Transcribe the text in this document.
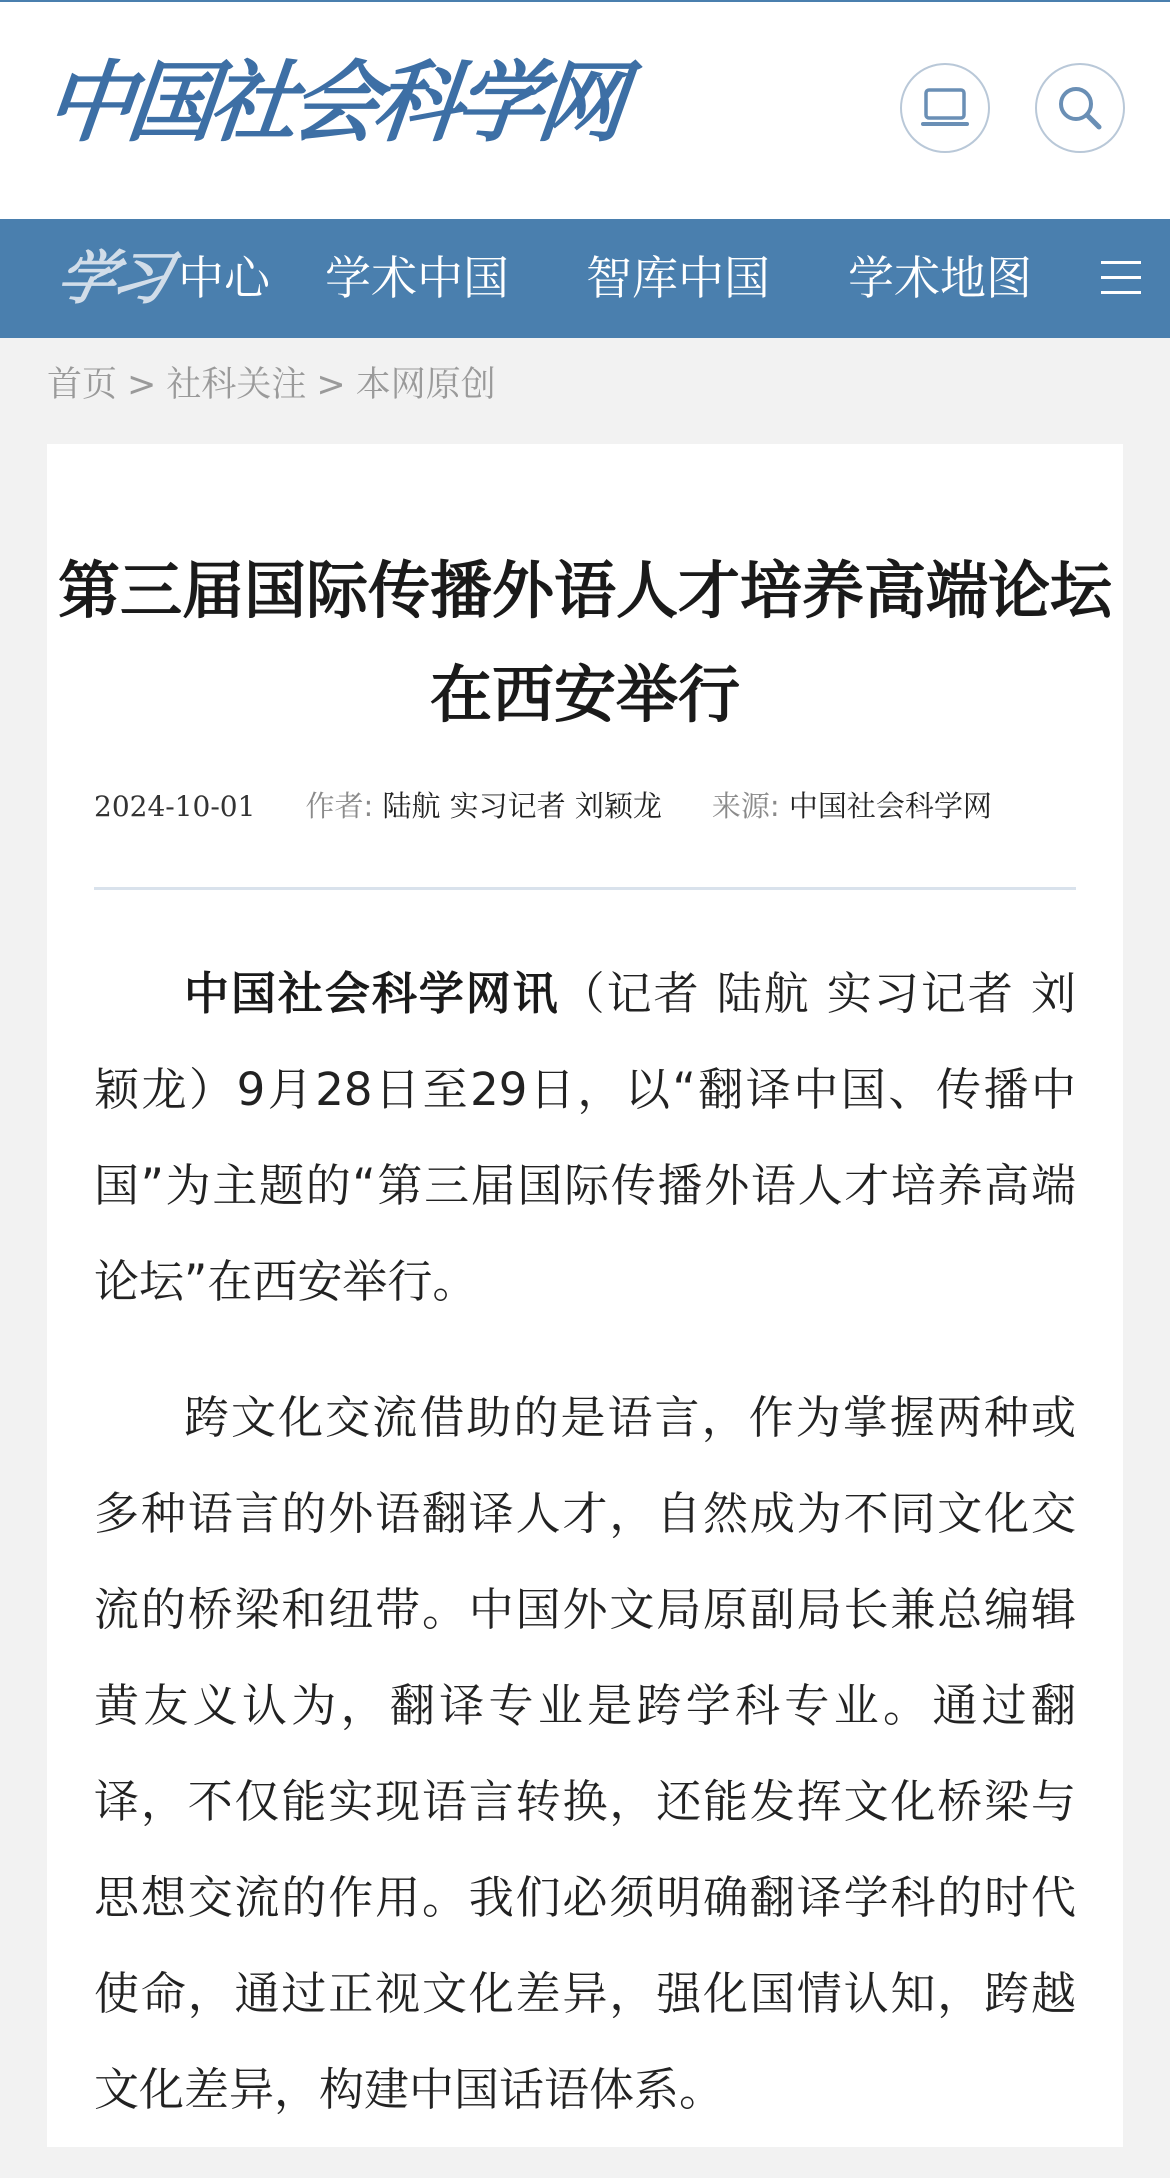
中国社会科学网
学习 中心 学术中国 智库中国 学术地图
首页 > 社科关注 > 本网原创
第三届国际传播外语人才培养高端论坛在西安举行
2024-10-01 作者: 陆航 实习记者 刘颖龙 来源: 中国社会科学网

中国社会科学网讯（记者 陆航 实习记者 刘颖龙）9月28日至29日，以“翻译中国、传播中国”为主题的“第三届国际传播外语人才培养高端论坛”在西安举行。

跨文化交流借助的是语言，作为掌握两种或多种语言的外语翻译人才，自然成为不同文化交流的桥梁和纽带。中国外文局原副局长兼总编辑黄友义认为，翻译专业是跨学科专业。通过翻译，不仅能实现语言转换，还能发挥文化桥梁与思想交流的作用。我们必须明确翻译学科的时代使命，通过正视文化差异，强化国情认知，跨越文化差异，构建中国话语体系。
